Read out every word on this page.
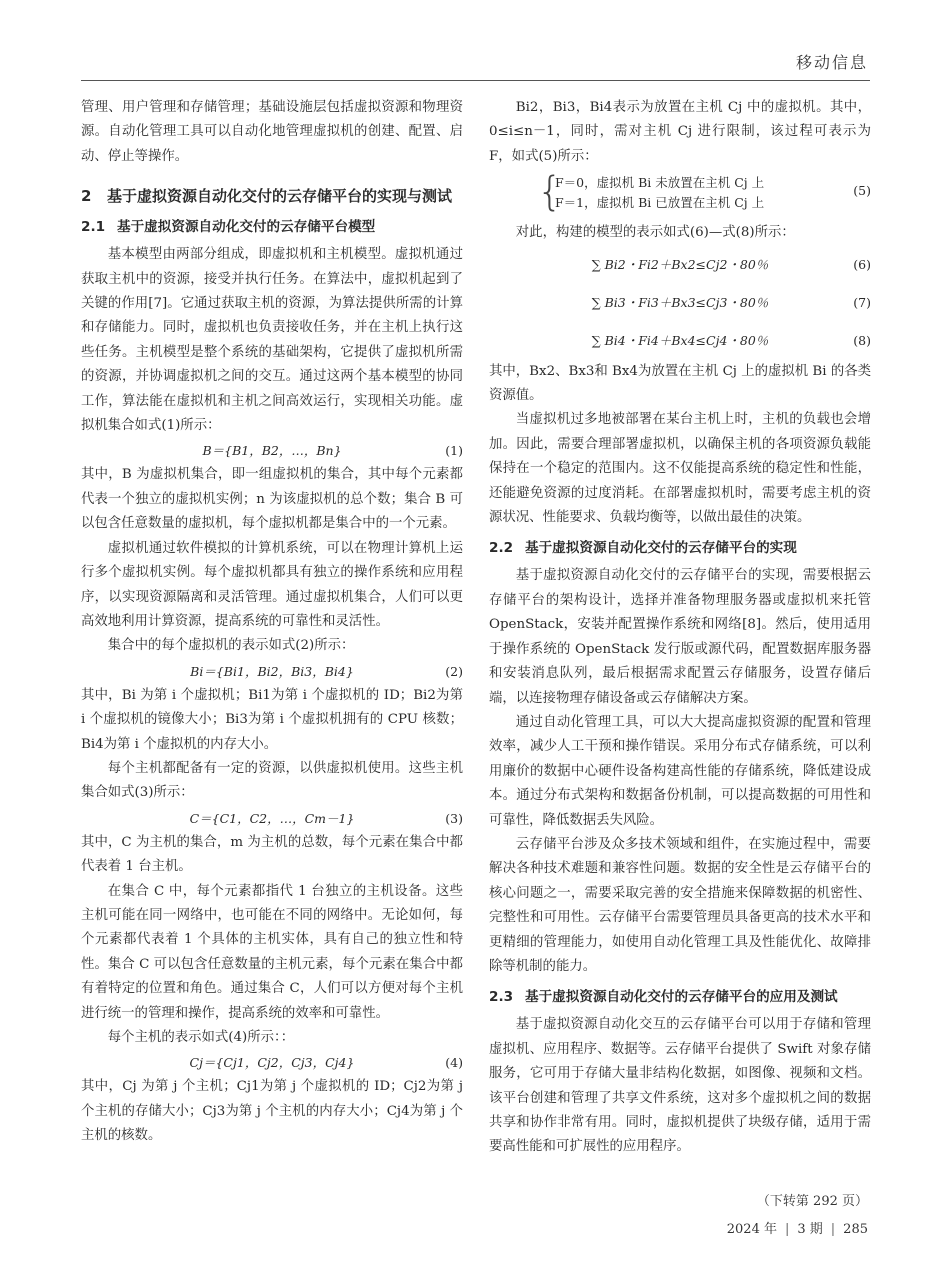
移动信息

管理、用户管理和存储管理；基础设施层包括虚拟资源和物理资源。自动化管理工具可以自动化地管理虚拟机的创建、配置、启动、停止等操作。

2	基于虚拟资源自动化交付的云存储平台的实现与测试
2.1 基于虚拟资源自动化交付的云存储平台模型

基本模型由两部分组成，即虚拟机和主机模型。虚拟机通过获取主机中的资源，接受并执行任务。在算法中，虚拟机起到了关键的作用[7]。它通过获取主机的资源，为算法提供所需的计算和存储能力。同时，虚拟机也负责接收任务，并在主机上执行这些任务。主机模型是整个系统的基础架构，它提供了虚拟机所需的资源，并协调虚拟机之间的交互。通过这两个基本模型的协同工作，算法能在虚拟机和主机之间高效运行，实现相关功能。虚拟机集合如式(1)所示：

B＝{B1，B2，…，Bn}	(1)

其中，B 为虚拟机集合，即一组虚拟机的集合，其中每个元素都代表一个独立的虚拟机实例；n 为该虚拟机的总个数；集合 B 可以包含任意数量的虚拟机，每个虚拟机都是集合中的一个元素。

虚拟机通过软件模拟的计算机系统，可以在物理计算机上运行多个虚拟机实例。每个虚拟机都具有独立的操作系统和应用程序，以实现资源隔离和灵活管理。通过虚拟机集合，人们可以更高效地利用计算资源，提高系统的可靠性和灵活性。

集合中的每个虚拟机的表示如式(2)所示：

Bi＝{Bi1，Bi2，Bi3，Bi4}	(2)

其中，Bi 为第 i 个虚拟机；Bi1为第 i 个虚拟机的 ID；Bi2为第 i 个虚拟机的镜像大小；Bi3为第 i 个虚拟机拥有的 CPU 核数；Bi4为第 i 个虚拟机的内存大小。

每个主机都配备有一定的资源，以供虚拟机使用。这些主机集合如式(3)所示：

C＝{C1，C2，…，Cm－1}	(3)

其中，C 为主机的集合，m 为主机的总数，每个元素在集合中都代表着 1 台主机。

在集合 C 中，每个元素都指代 1 台独立的主机设备。这些主机可能在同一网络中，也可能在不同的网络中。无论如何，每个元素都代表着 1 个具体的主机实体，具有自己的独立性和特性。集合 C 可以包含任意数量的主机元素，每个元素在集合中都有着特定的位置和角色。通过集合 C，人们可以方便对每个主机进行统一的管理和操作，提高系统的效率和可靠性。

每个主机的表示如式(4)所示：：

Cj＝{Cj1，Cj2，Cj3，Cj4}	(4)

其中，Cj 为第 j 个主机；Cj1为第 j 个虚拟机的 ID；Cj2为第 j 个主机的存储大小；Cj3为第 j 个主机的内存大小；Cj4为第 j 个主机的核数。

Bi2，Bi3，Bi4表示为放置在主机 Cj 中的虚拟机。其中，0≤i≤n－1，同时，需对主机 Cj 进行限制，该过程可表示为 F，如式(5)所示：

{
F＝0，虚拟机 Bi 未放置在主机 Cj 上
F＝1，虚拟机 Bi 已放置在主机 Cj 上
(5)

对此，构建的模型的表示如式(6)—式(8)所示：

∑ Bi2・Fi2＋Bx2≤Cj2・80％	(6)
∑ Bi3・Fi3＋Bx3≤Cj3・80％	(7)
∑ Bi4・Fi4＋Bx4≤Cj4・80％	(8)

其中，Bx2、Bx3和 Bx4为放置在主机 Cj 上的虚拟机 Bi 的各类资源值。

当虚拟机过多地被部署在某台主机上时，主机的负载也会增加。因此，需要合理部署虚拟机，以确保主机的各项资源负载能保持在一个稳定的范围内。这不仅能提高系统的稳定性和性能，还能避免资源的过度消耗。在部署虚拟机时，需要考虑主机的资源状况、性能要求、负载均衡等，以做出最佳的决策。

2.2 基于虚拟资源自动化交付的云存储平台的实现

基于虚拟资源自动化交付的云存储平台的实现，需要根据云存储平台的架构设计，选择并准备物理服务器或虚拟机来托管 OpenStack，安装并配置操作系统和网络[8]。然后，使用适用于操作系统的 OpenStack 发行版或源代码，配置数据库服务器和安装消息队列，最后根据需求配置云存储服务，设置存储后端，以连接物理存储设备或云存储解决方案。

通过自动化管理工具，可以大大提高虚拟资源的配置和管理效率，减少人工干预和操作错误。采用分布式存储系统，可以利用廉价的数据中心硬件设备构建高性能的存储系统，降低建设成本。通过分布式架构和数据备份机制，可以提高数据的可用性和可靠性，降低数据丢失风险。

云存储平台涉及众多技术领域和组件，在实施过程中，需要解决各种技术难题和兼容性问题。数据的安全性是云存储平台的核心问题之一，需要采取完善的安全措施来保障数据的机密性、完整性和可用性。云存储平台需要管理员具备更高的技术水平和更精细的管理能力，如使用自动化管理工具及性能优化、故障排除等机制的能力。

2.3 基于虚拟资源自动化交付的云存储平台的应用及测试

基于虚拟资源自动化交互的云存储平台可以用于存储和管理虚拟机、应用程序、数据等。云存储平台提供了 Swift 对象存储服务，它可用于存储大量非结构化数据，如图像、视频和文档。该平台创建和管理了共享文件系统，这对多个虚拟机之间的数据共享和协作非常有用。同时，虚拟机提供了块级存储，适用于需要高性能和可扩展性的应用程序。

（下转第 292 页）
2024 年 | 3 期 | 285
